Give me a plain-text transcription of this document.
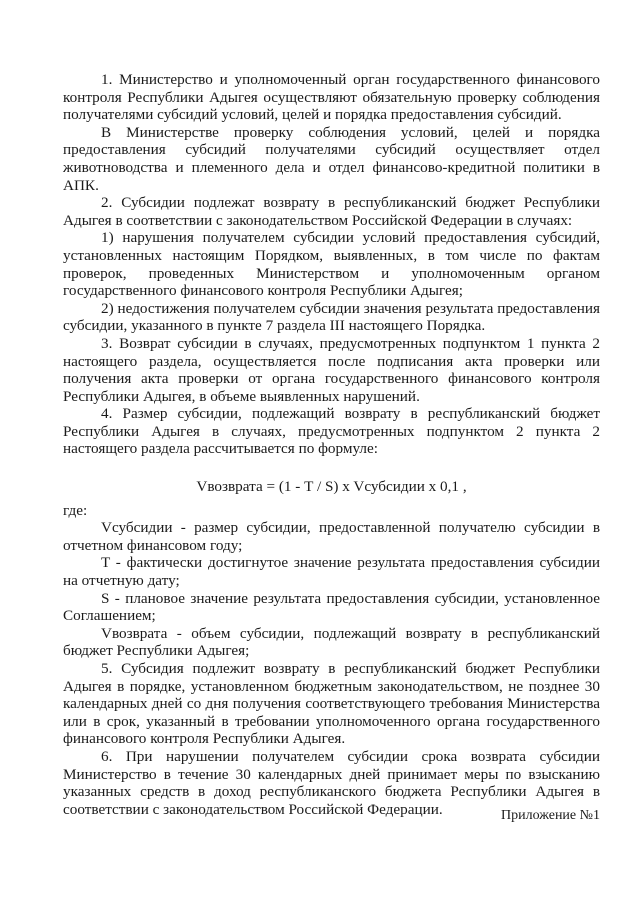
1. Министерство и уполномоченный орган государственного финансового контроля Республики Адыгея осуществляют обязательную проверку соблюдения получателями субсидий условий, целей и порядка предоставления субсидий.

В Министерстве проверку соблюдения условий, целей и порядка предоставления субсидий получателями субсидий осуществляет отдел животноводства и племенного дела и отдел финансово-кредитной политики в АПК.

2. Субсидии подлежат возврату в республиканский бюджет Республики Адыгея в соответствии с законодательством Российской Федерации в случаях:

1) нарушения получателем субсидии условий предоставления субсидий, установленных настоящим Порядком, выявленных, в том числе по фактам проверок, проведенных Министерством и уполномоченным органом государственного финансового контроля Республики Адыгея;

2) недостижения получателем субсидии значения результата предоставления субсидии, указанного в пункте 7 раздела III настоящего Порядка.

3. Возврат субсидии в случаях, предусмотренных подпунктом 1 пункта 2 настоящего раздела, осуществляется после подписания акта проверки или получения акта проверки от органа государственного финансового контроля Республики Адыгея, в объеме выявленных нарушений.

4. Размер субсидии, подлежащий возврату в республиканский бюджет Республики Адыгея в случаях, предусмотренных подпунктом 2 пункта 2 настоящего раздела рассчитывается по формуле:

Vвозврата = (1 - T / S) x Vсубсидии x 0,1 ,

где:

Vсубсидии - размер субсидии, предоставленной получателю субсидии в отчетном финансовом году;

T - фактически достигнутое значение результата предоставления субсидии на отчетную дату;

S - плановое значение результата предоставления субсидии, установленное Соглашением;

Vвозврата - объем субсидии, подлежащий возврату в республиканский бюджет Республики Адыгея;

5. Субсидия подлежит возврату в республиканский бюджет Республики Адыгея в порядке, установленном бюджетным законодательством, не позднее 30 календарных дней со дня получения соответствующего требования Министерства или в срок, указанный в требовании уполномоченного органа государственного финансового контроля Республики Адыгея.

6. При нарушении получателем субсидии срока возврата субсидии Министерство в течение 30 календарных дней принимает меры по взысканию указанных средств в доход республиканского бюджета Республики Адыгея в соответствии с законодательством Российской Федерации.	Приложение №1
